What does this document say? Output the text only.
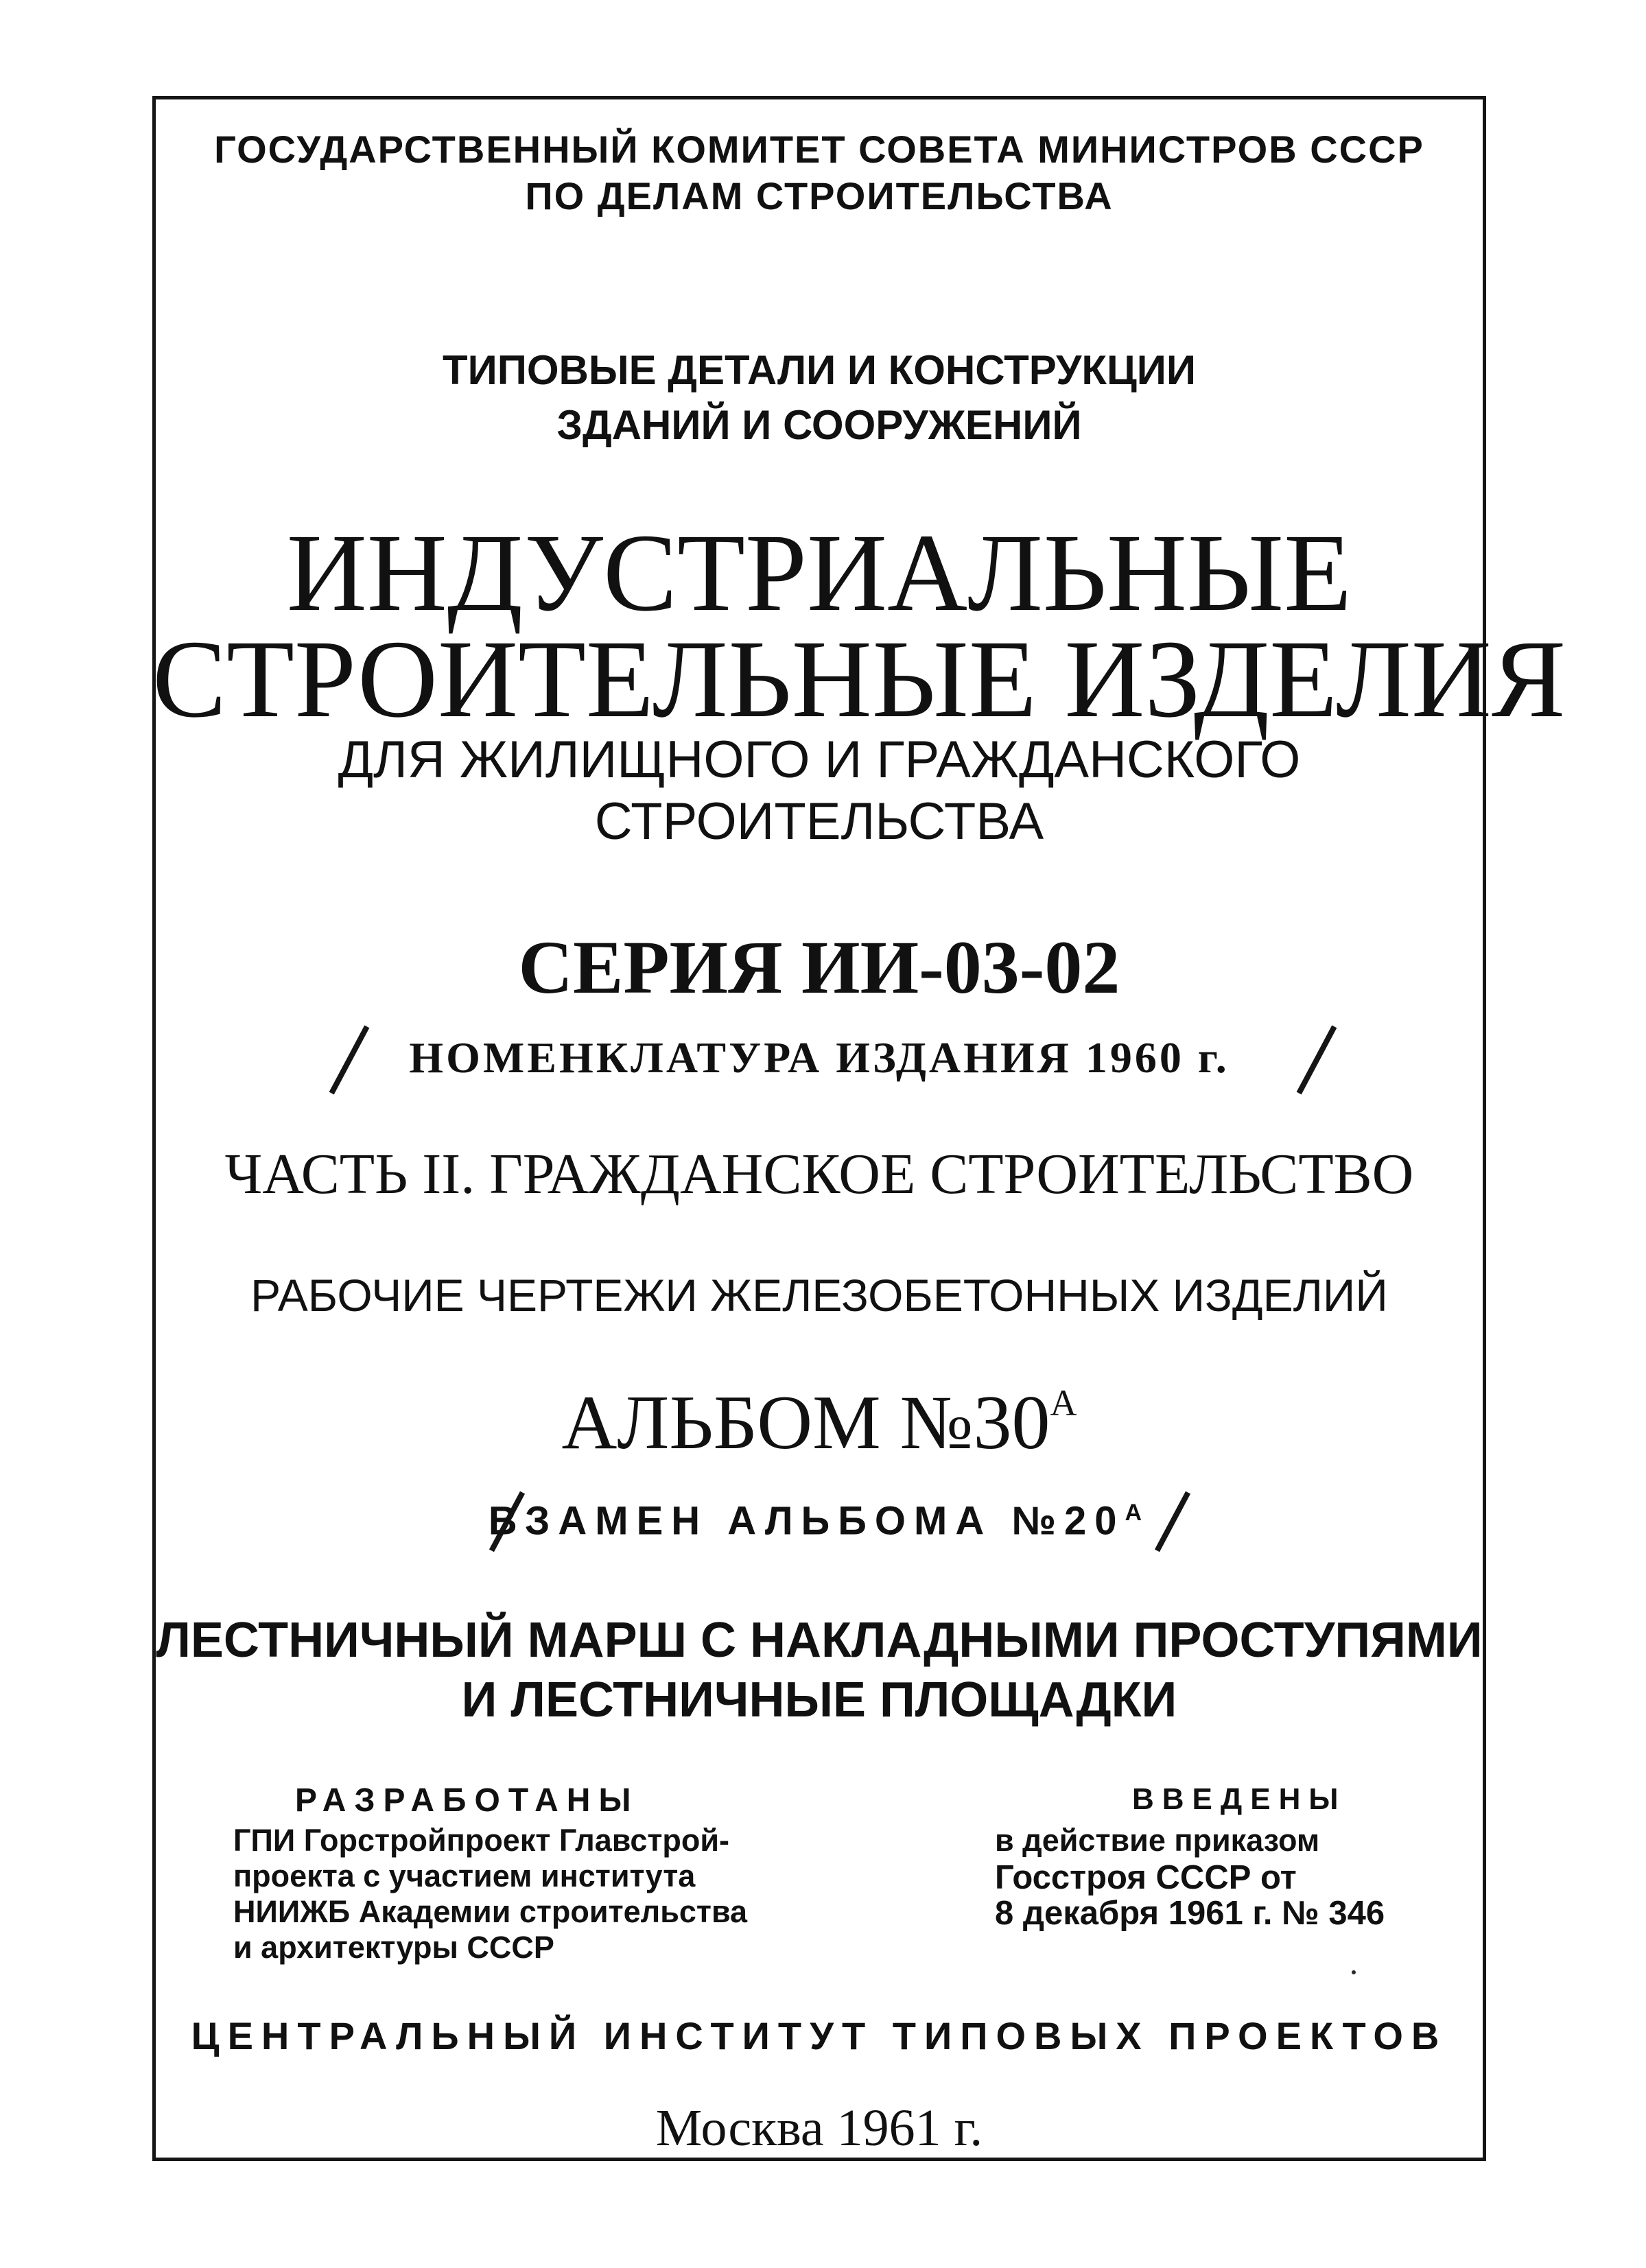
ГОСУДАРСТВЕННЫЙ КОМИТЕТ СОВЕТА МИНИСТРОВ СССР
ПО ДЕЛАМ СТРОИТЕЛЬСТВА
ТИПОВЫЕ ДЕТАЛИ И КОНСТРУКЦИИ
ЗДАНИЙ И СООРУЖЕНИЙ
ИНДУСТРИАЛЬНЫЕ
СТРОИТЕЛЬНЫЕ ИЗДЕЛИЯ
ДЛЯ ЖИЛИЩНОГО И ГРАЖДАНСКОГО
СТРОИТЕЛЬСТВА
СЕРИЯ ИИ-03-02
НОМЕНКЛАТУРА ИЗДАНИЯ 1960 г.
ЧАСТЬ II. ГРАЖДАНСКОЕ СТРОИТЕЛЬСТВО
РАБОЧИЕ ЧЕРТЕЖИ ЖЕЛЕЗОБЕТОННЫХ ИЗДЕЛИЙ
АЛЬБОМ $№30^А$
ВЗАМЕН АЛЬБОМА $№20^А$
ЛЕСТНИЧНЫЙ МАРШ С НАКЛАДНЫМИ ПРОСТУПЯМИ
И ЛЕСТНИЧНЫЕ ПЛОЩАДКИ
РАЗРАБОТАНЫ
ГПИ Горстройпроект Главстрой-
проекта с участием института
НИИЖБ Академии строительства
и архитектуры СССР
ВВЕДЕНЫ
в действие приказом
Госстроя СССР от
8 декабря 1961 г. № 346
ЦЕНТРАЛЬНЫЙ ИНСТИТУТ ТИПОВЫХ ПРОЕКТОВ
Москва 1961 г.
